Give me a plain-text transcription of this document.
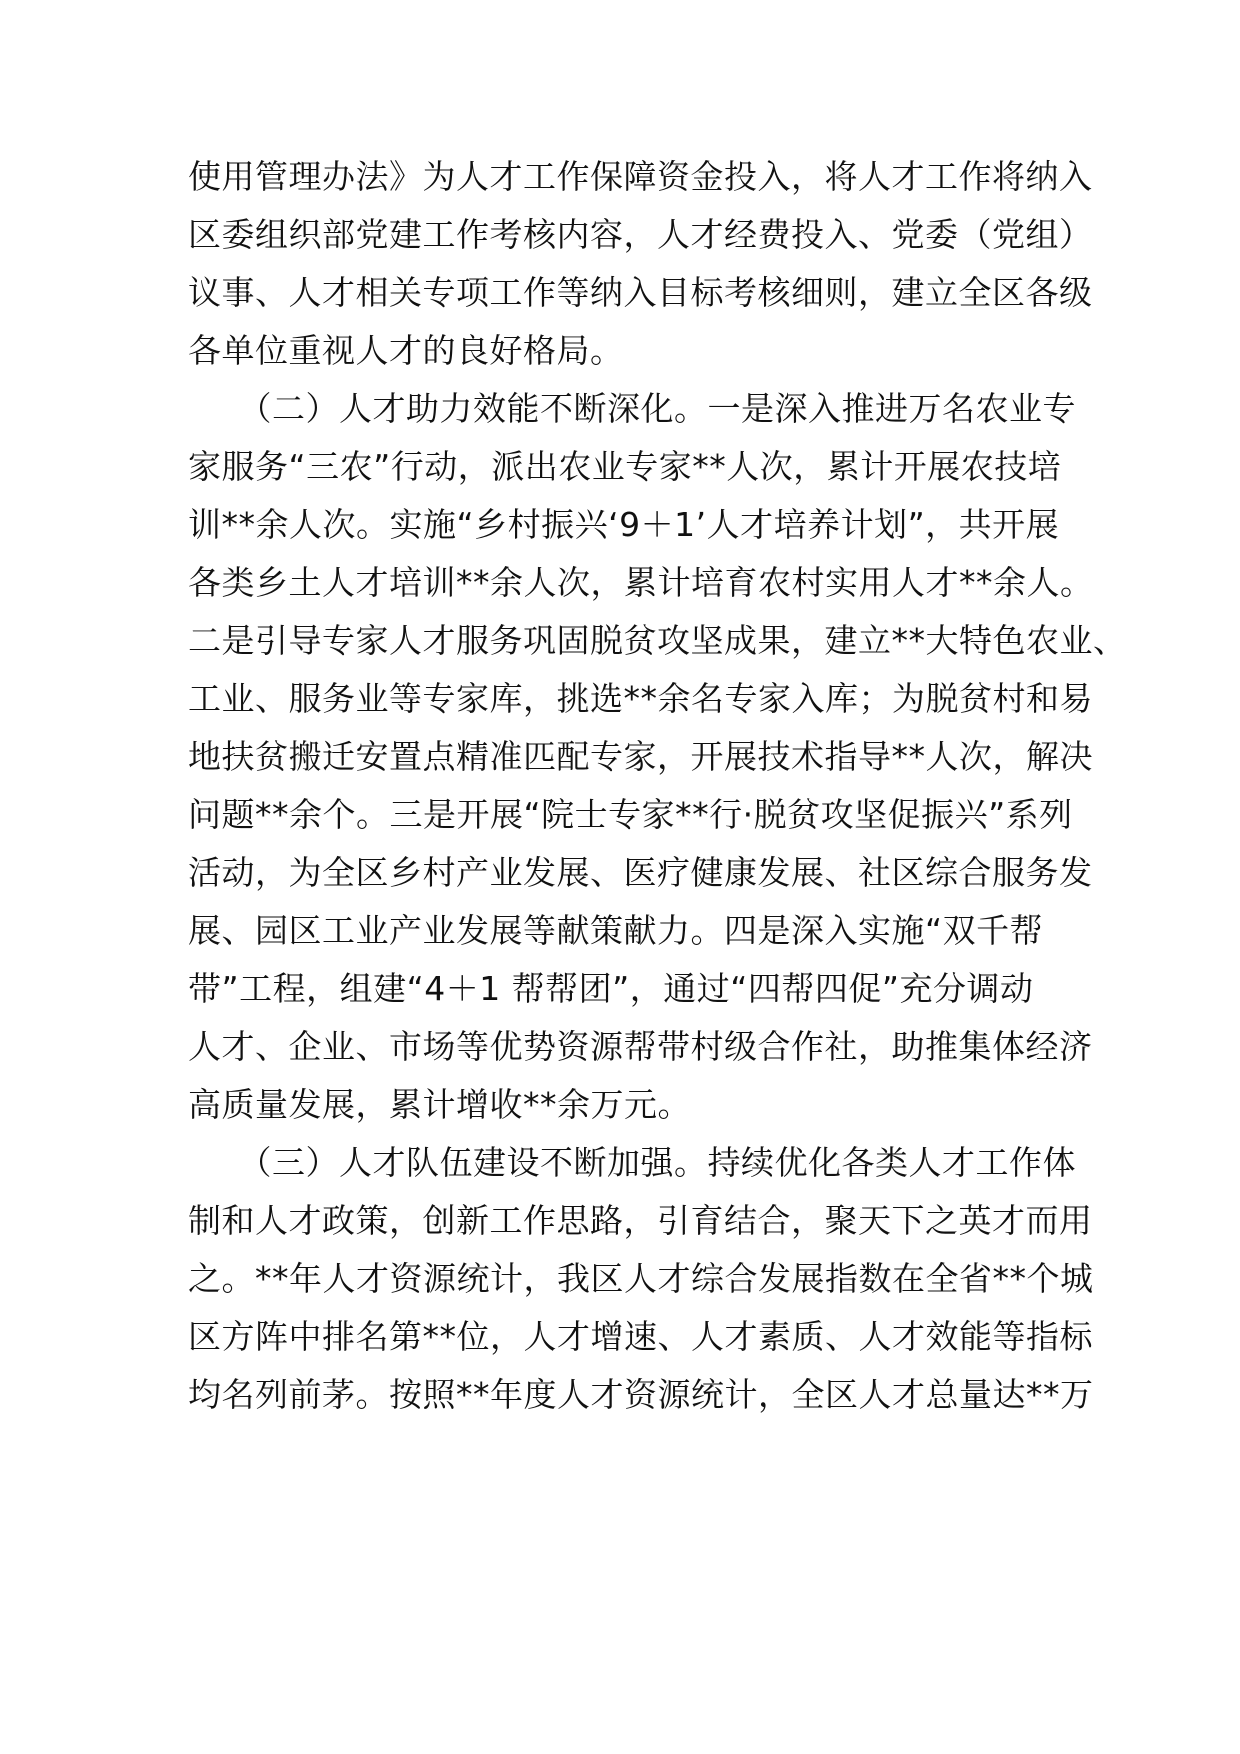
使用管理办法》为人才工作保障资金投入，将人才工作将纳入
区委组织部党建工作考核内容，人才经费投入、党委（党组）
议事、人才相关专项工作等纳入目标考核细则，建立全区各级
各单位重视人才的良好格局。
　　（二）人才助力效能不断深化。一是深入推进万名农业专
家服务“三农”行动，派出农业专家**人次，累计开展农技培
训**余人次。实施“乡村振兴‘9＋1’人才培养计划”，共开展
各类乡土人才培训**余人次，累计培育农村实用人才**余人。
二是引导专家人才服务巩固脱贫攻坚成果，建立**大特色农业、
工业、服务业等专家库，挑选**余名专家入库；为脱贫村和易
地扶贫搬迁安置点精准匹配专家，开展技术指导**人次，解决
问题**余个。三是开展“院士专家**行·脱贫攻坚促振兴”系列
活动，为全区乡村产业发展、医疗健康发展、社区综合服务发
展、园区工业产业发展等献策献力。四是深入实施“双千帮
带”工程，组建“4＋1 帮帮团”，通过“四帮四促”充分调动
人才、企业、市场等优势资源帮带村级合作社，助推集体经济
高质量发展，累计增收**余万元。
　　（三）人才队伍建设不断加强。持续优化各类人才工作体
制和人才政策，创新工作思路，引育结合，聚天下之英才而用
之。**年人才资源统计，我区人才综合发展指数在全省**个城
区方阵中排名第**位，人才增速、人才素质、人才效能等指标
均名列前茅。按照**年度人才资源统计，全区人才总量达**万
